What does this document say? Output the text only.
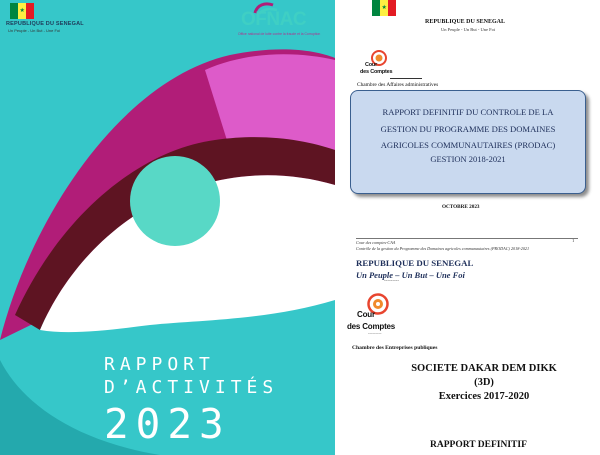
★
REPUBLIQUE DU SENEGAL
Un Peuple - Un But - Une Foi
OFNAC
Office national de lutte contre la fraude et la Corruption
RAPPORT
D’ACTIVITÉS
2023
★
REPUBLIQUE DU SENEGAL
Un Peuple - Un But - Une Foi
Cour
des Comptes
Chambre des Affaires administratives
RAPPORT DEFINITIF DU CONTROLE DE LA
GESTION DU PROGRAMME DES DOMAINES
AGRICOLES COMMUNAUTAIRES (PRODAC)
GESTION 2018-2021
OCTOBRE 2023
Cour des comptes-CAA
Contrôle de la gestion du Programme des Domaines agricoles communautaires (PRODAC) 2018-2021
1
REPUBLIQUE DU SENEGAL
Un Peuple – Un But – Une Foi
---------
Cour
des Comptes
---------
Chambre des Entreprises publiques
SOCIETE DAKAR DEM DIKK
(3D)
Exercices 2017-2020
RAPPORT DEFINITIF
